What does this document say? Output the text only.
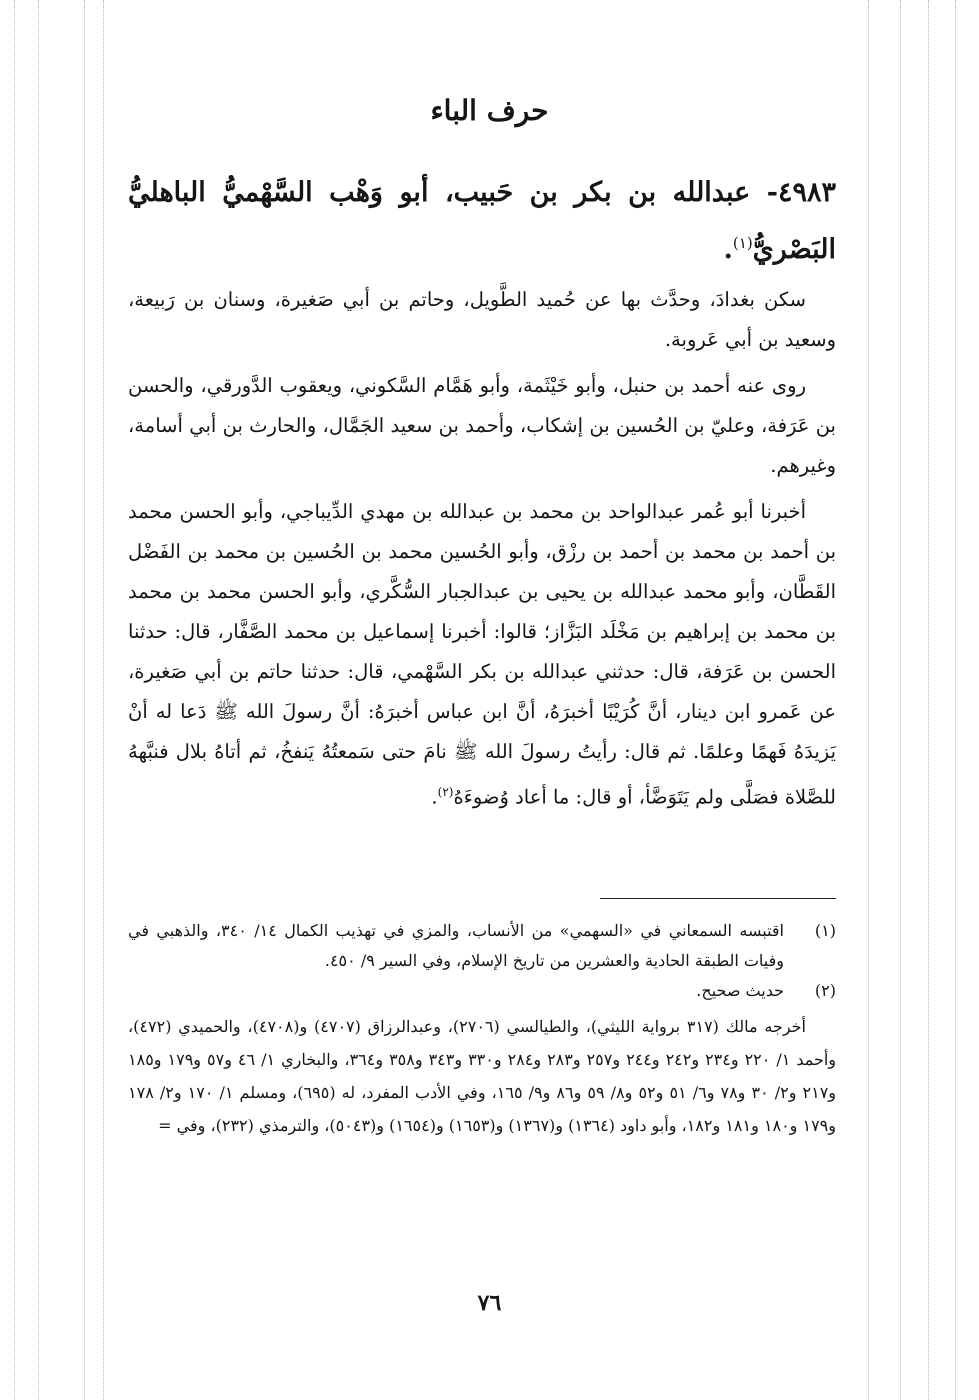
حرف الباء
٤٩٨٣- عبدالله بن بكر بن حَبيب، أبو وَهْب السَّهْميُّ الباهليُّ البَصْريُّ$^{(١)}$.

سكن بغدادَ، وحدَّث بها عن حُميد الطَّويل، وحاتم بن أبي صَغيرة، وسنان بن رَبيعة، وسعيد بن أبي عَروبة.

روى عنه أحمد بن حنبل، وأبو خَيْثَمة، وأبو هَمَّام السَّكوني، ويعقوب الدَّورقي، والحسن بن عَرَفة، وعليّ بن الحُسين بن إشكاب، وأحمد بن سعيد الجَمَّال، والحارث بن أبي أسامة، وغيرهم.

أخبرنا أبو عُمر عبدالواحد بن محمد بن عبدالله بن مهدي الدِّيباجي، وأبو الحسن محمد بن أحمد بن محمد بن أحمد بن رزْق، وأبو الحُسين محمد بن الحُسين بن محمد بن الفَضْل القَطَّان، وأبو محمد عبدالله بن يحيى بن عبدالجبار السُّكَّري، وأبو الحسن محمد بن محمد بن محمد بن إبراهيم بن مَخْلَد البَزَّاز؛ قالوا: أخبرنا إسماعيل بن محمد الصَّفَّار، قال: حدثنا الحسن بن عَرَفة، قال: حدثني عبدالله بن بكر السَّهْمي، قال: حدثنا حاتم بن أبي صَغيرة، عن عَمرو ابن دينار، أنَّ كُرَيْبًا أخبرَهُ، أنَّ ابن عباس أخبرَهُ: أنَّ رسولَ الله ﷺ دَعا له أنْ يَزيدَهُ فَهمًا وعلمًا. ثم قال: رأيتُ رسولَ الله ﷺ نامَ حتى سَمعتُهُ يَنفخُ، ثم أتاهُ بلال فنبَّههُ للصَّلاة فصَلَّى ولم يَتَوَضَّأ، أو قال: ما أعاد وُضوءَهُ$^{(٢)}$.

(١)
اقتبسه السمعاني في «السهمي» من الأنساب، والمزي في تهذيب الكمال ١٤/ ٣٤٠، والذهبي في وفيات الطبقة الحادية والعشرين من تاريخ الإسلام، وفي السير ٩/ ٤٥٠.
(٢)
حديث صحيح.

أخرجه مالك (٣١٧ برواية الليثي)، والطيالسي (٢٧٠٦)، وعبدالرزاق (٤٧٠٧) و(٤٧٠٨)، والحميدي (٤٧٢)، وأحمد ١/ ٢٢٠ و٢٣٤ و٢٤٢ و٢٤٤ و٢٥٧ و٢٨٣ و٢٨٤ و٣٣٠ و٣٤٣ و٣٥٨ و٣٦٤، والبخاري ١/ ٤٦ و٥٧ و١٧٩ و١٨٥ و٢١٧ و٢/ ٣٠ و٧٨ و٦/ ٥١ و٥٢ و٨/ ٥٩ و٨٦ و٩/ ١٦٥، وفي الأدب المفرد، له (٦٩٥)، ومسلم ١/ ١٧٠ و٢/ ١٧٨ و١٧٩ و١٨٠ و١٨١ و١٨٢، وأبو داود (١٣٦٤) و(١٣٦٧) و(١٦٥٣) و(١٦٥٤) و(٥٠٤٣)، والترمذي (٢٣٢)، وفي =

٧٦
